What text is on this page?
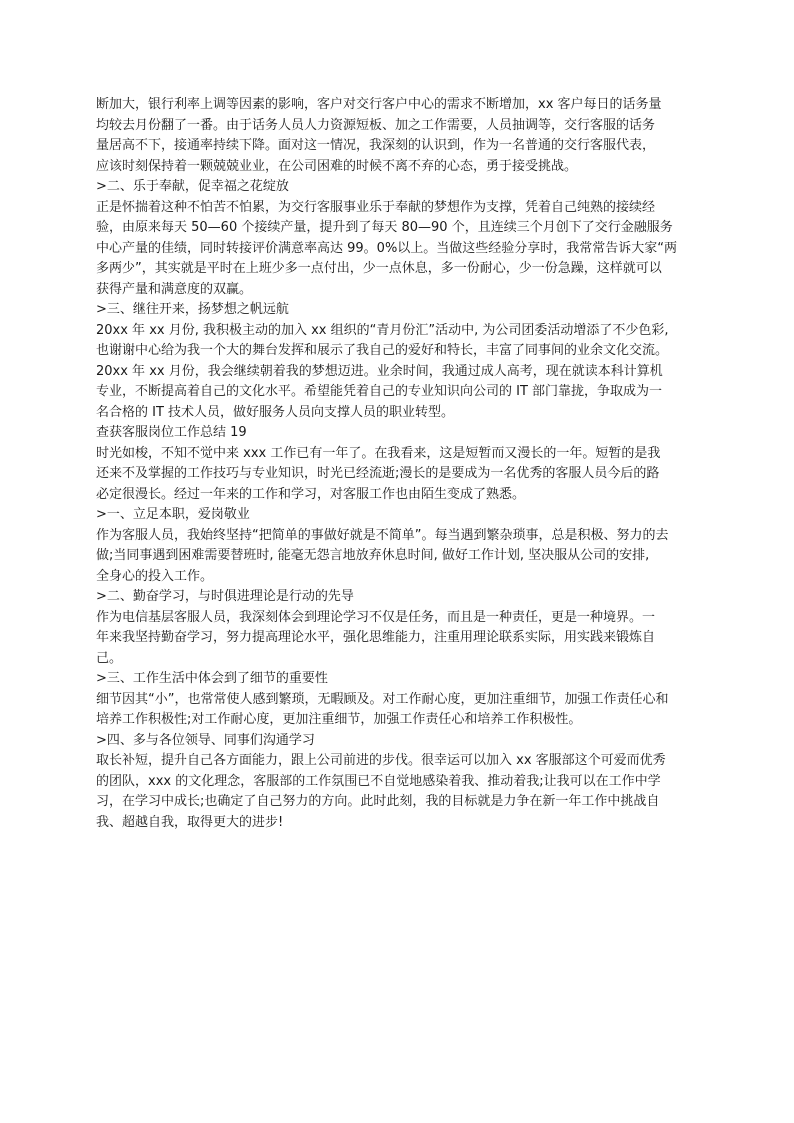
断加大，银行利率上调等因素的影响，客户对交行客户中心的需求不断增加，xx 客户每日的话务量
均较去月份翻了一番。由于话务人员人力资源短板、加之工作需要，人员抽调等，交行客服的话务
量居高不下，接通率持续下降。面对这一情况，我深刻的认识到，作为一名普通的交行客服代表，
应该时刻保持着一颗兢兢业业，在公司困难的时候不离不弃的心态，勇于接受挑战。
>二、乐于奉献，促幸福之花绽放
正是怀揣着这种不怕苦不怕累，为交行客服事业乐于奉献的梦想作为支撑，凭着自己纯熟的接续经
验，由原来每天 50—60 个接续产量，提升到了每天 80—90 个，且连续三个月创下了交行金融服务
中心产量的佳绩，同时转接评价满意率高达 99。0%以上。当做这些经验分享时，我常常告诉大家“两
多两少”，其实就是平时在上班少多一点付出，少一点休息，多一份耐心，少一份急躁，这样就可以
获得产量和满意度的双赢。
>三、继往开来，扬梦想之帆远航
20xx 年 xx 月份, 我积极主动的加入 xx 组织的“青月份汇”活动中, 为公司团委活动增添了不少色彩,
也谢谢中心给为我一个大的舞台发挥和展示了我自己的爱好和特长，丰富了同事间的业余文化交流。
20xx 年 xx 月份，我会继续朝着我的梦想迈进。业余时间，我通过成人高考，现在就读本科计算机
专业，不断提高着自己的文化水平。希望能凭着自己的专业知识向公司的 IT 部门靠拢，争取成为一
名合格的 IT 技术人员，做好服务人员向支撑人员的职业转型。
查获客服岗位工作总结 19
时光如梭，不知不觉中来 xxx 工作已有一年了。在我看来，这是短暂而又漫长的一年。短暂的是我
还来不及掌握的工作技巧与专业知识，时光已经流逝;漫长的是要成为一名优秀的客服人员今后的路
必定很漫长。经过一年来的工作和学习，对客服工作也由陌生变成了熟悉。
>一、立足本职，爱岗敬业
作为客服人员，我始终坚持“把简单的事做好就是不简单”。每当遇到繁杂琐事，总是积极、努力的去
做;当同事遇到困难需要替班时, 能毫无怨言地放弃休息时间, 做好工作计划, 坚决服从公司的安排,
全身心的投入工作。
>二、勤奋学习，与时俱进理论是行动的先导
作为电信基层客服人员，我深刻体会到理论学习不仅是任务，而且是一种责任，更是一种境界。一
年来我坚持勤奋学习，努力提高理论水平，强化思维能力，注重用理论联系实际，用实践来锻炼自
己。
>三、工作生活中体会到了细节的重要性
细节因其“小”，也常常使人感到繁琐，无暇顾及。对工作耐心度，更加注重细节，加强工作责任心和
培养工作积极性;对工作耐心度，更加注重细节，加强工作责任心和培养工作积极性。
>四、多与各位领导、同事们沟通学习
取长补短，提升自己各方面能力，跟上公司前进的步伐。很幸运可以加入 xx 客服部这个可爱而优秀
的团队，xxx 的文化理念，客服部的工作氛围已不自觉地感染着我、推动着我;让我可以在工作中学
习，在学习中成长;也确定了自己努力的方向。此时此刻，我的目标就是力争在新一年工作中挑战自
我、超越自我，取得更大的进步!
